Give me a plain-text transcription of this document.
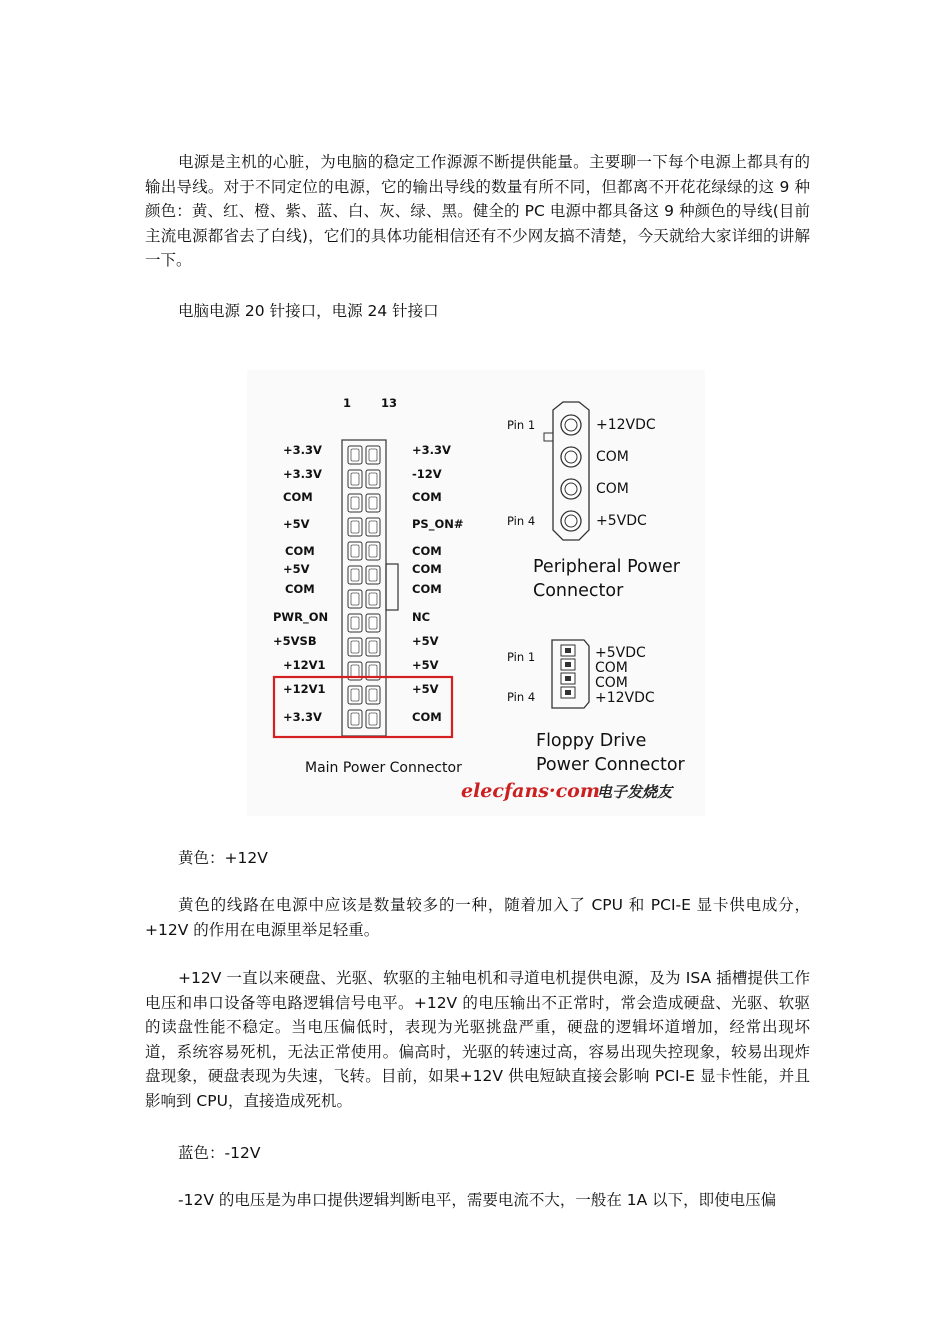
电源是主机的心脏，为电脑的稳定工作源源不断提供能量。主要聊一下每个电源上都具有的输出导线。对于不同定位的电源，它的输出导线的数量有所不同，但都离不开花花绿绿的这 9 种颜色：黄、红、橙、紫、蓝、白、灰、绿、黑。健全的 PC 电源中都具备这 9 种颜色的导线(目前主流电源都省去了白线)，它们的具体功能相信还有不少网友搞不清楚，今天就给大家详细的讲解一下。

电脑电源 20 针接口，电源 24 针接口

1	13
+3.3V
+3.3V
COM
+5V
COM
+5V
COM
PWR_ON
+5VSB
+12V1
+12V1
+3.3V
+3.3V
-12V
COM
PS_ON#
COM
COM
COM
NC
+5V
+5V
+5V
COM
Main Power Connector
Pin 1
Pin 4
+12VDC
COM
COM
+5VDC
Peripheral Power
Connector
Pin 1
Pin 4
+5VDC
COM
COM
+12VDC
Floppy Drive
Power Connector
elecfans·com
电子发烧友

黄色：+12V

黄色的线路在电源中应该是数量较多的一种，随着加入了 CPU 和 PCI-E 显卡供电成分，+12V 的作用在电源里举足轻重。

+12V 一直以来硬盘、光驱、软驱的主轴电机和寻道电机提供电源，及为 ISA 插槽提供工作电压和串口设备等电路逻辑信号电平。+12V 的电压输出不正常时，常会造成硬盘、光驱、软驱的读盘性能不稳定。当电压偏低时，表现为光驱挑盘严重，硬盘的逻辑坏道增加，经常出现坏道，系统容易死机，无法正常使用。偏高时，光驱的转速过高，容易出现失控现象，较易出现炸盘现象，硬盘表现为失速，飞转。目前，如果+12V 供电短缺直接会影响 PCI-E 显卡性能，并且影响到 CPU，直接造成死机。

蓝色：-12V

-12V 的电压是为串口提供逻辑判断电平，需要电流不大，一般在 1A 以下，即使电压偏
